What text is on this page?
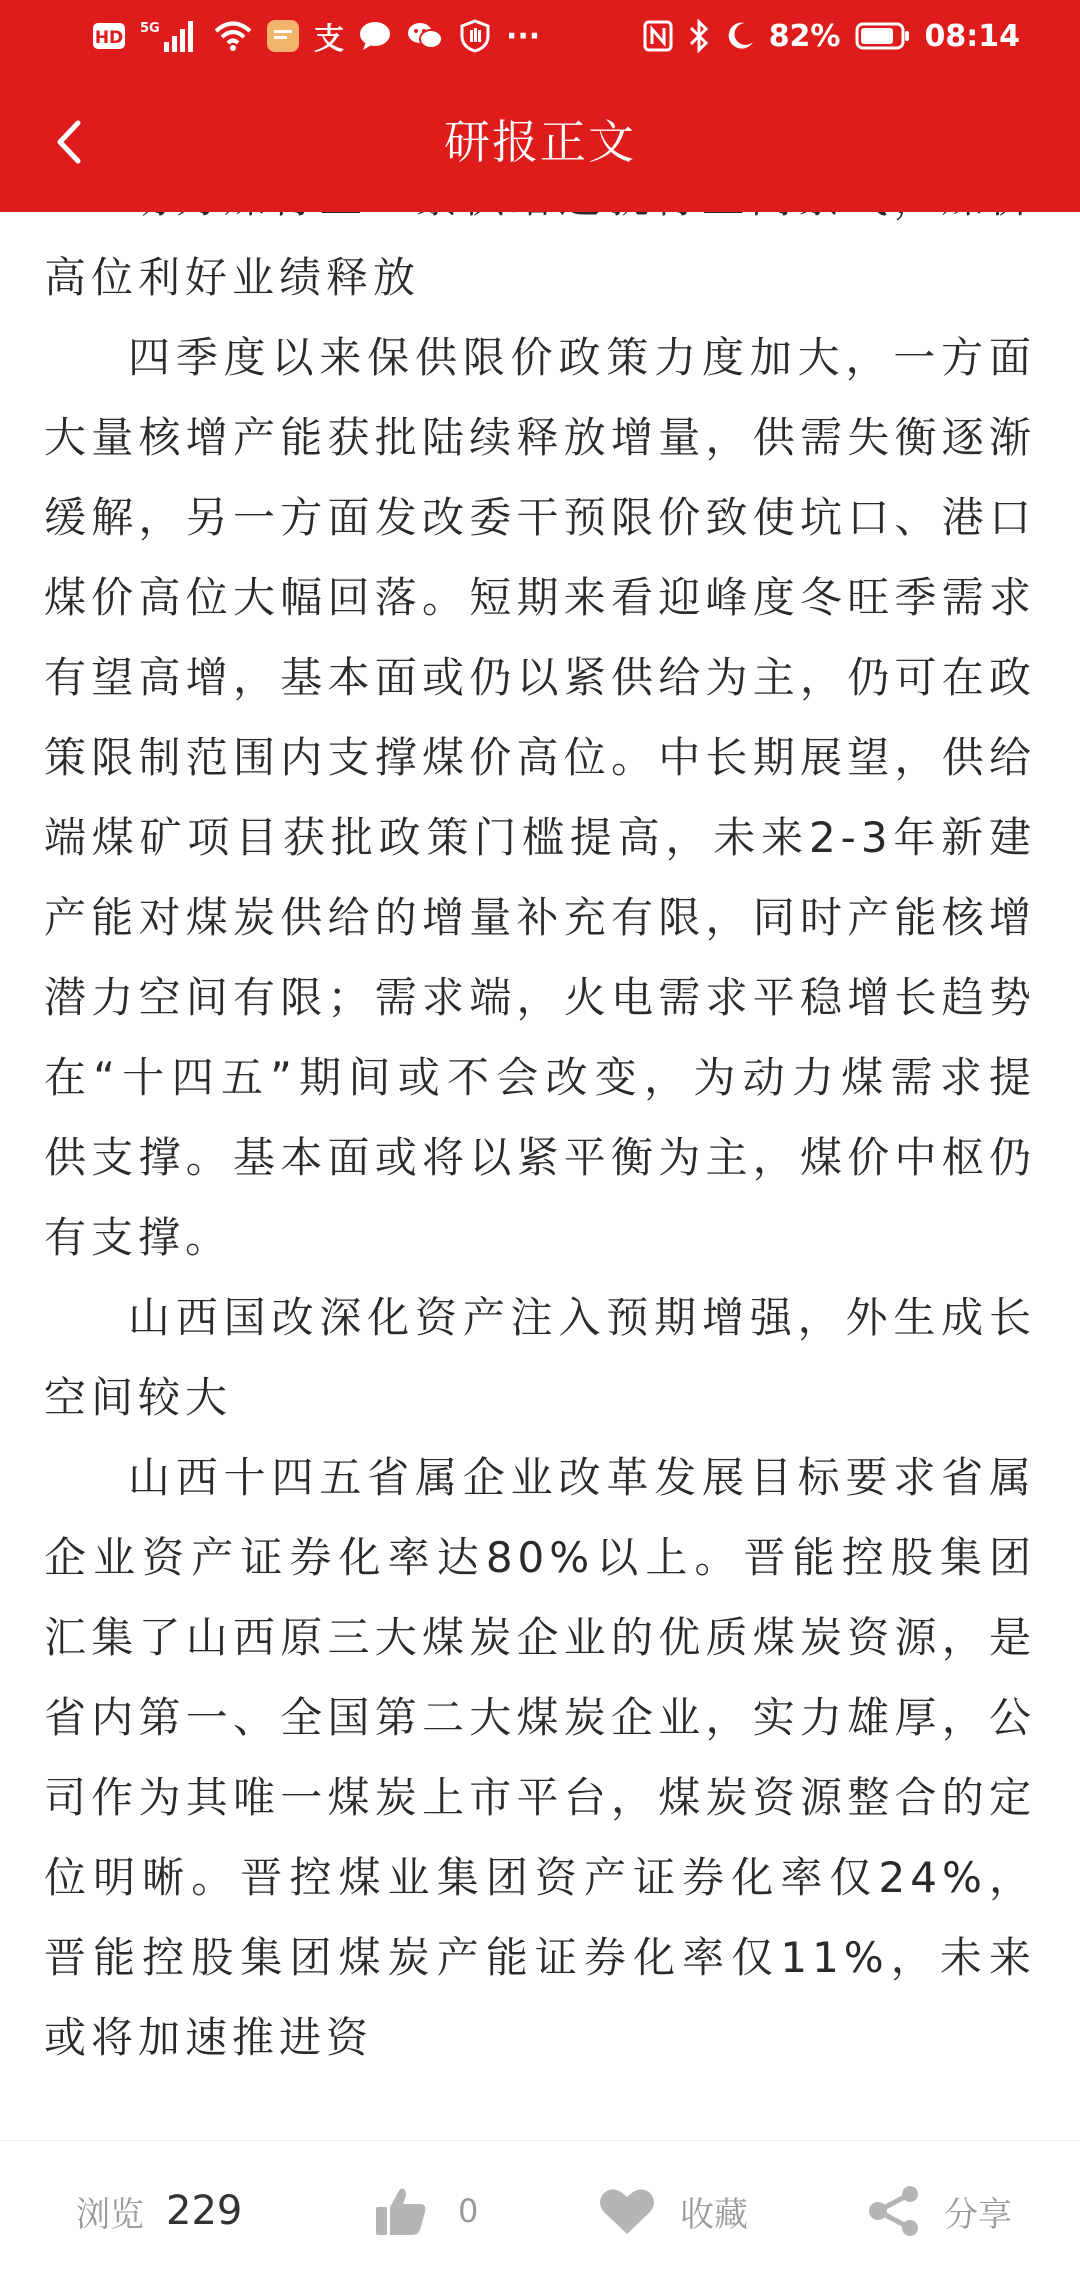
HD 5G	支	···	82%	08:14
研报正文

高位利好业绩释放

四季度以来保供限价政策力度加大，一方面大量核增产能获批陆续释放增量，供需失衡逐渐缓解，另一方面发改委干预限价致使坑口、港口煤价高位大幅回落。短期来看迎峰度冬旺季需求有望高增，基本面或仍以紧供给为主，仍可在政策限制范围内支撑煤价高位。中长期展望，供给端煤矿项目获批政策门槛提高，未来2-3年新建产能对煤炭供给的增量补充有限，同时产能核增潜力空间有限；需求端，火电需求平稳增长趋势在“十四五”期间或不会改变，为动力煤需求提供支撑。基本面或将以紧平衡为主，煤价中枢仍有支撑。

山西国改深化资产注入预期增强，外生成长空间较大

山西十四五省属企业改革发展目标要求省属企业资产证券化率达80%以上。晋能控股集团汇集了山西原三大煤炭企业的优质煤炭资源，是省内第一、全国第二大煤炭企业，实力雄厚，公司作为其唯一煤炭上市平台，煤炭资源整合的定位明晰。晋控煤业集团资产证券化率仅24%，晋能控股集团煤炭产能证券化率仅11%，未来或将加速推进资

浏览 229	0	收藏	分享
